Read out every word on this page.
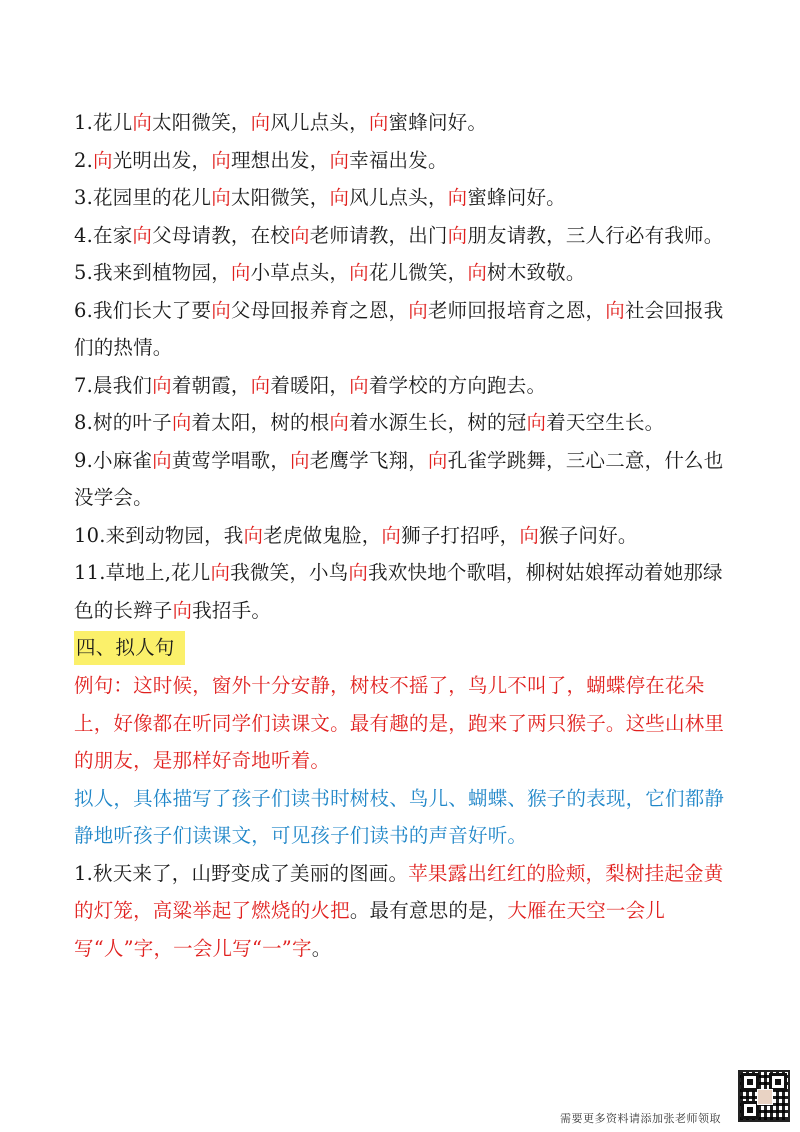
1.花儿向太阳微笑，向风儿点头，向蜜蜂问好。
2.向光明出发，向理想出发，向幸福出发。
3.花园里的花儿向太阳微笑，向风儿点头，向蜜蜂问好。
4.在家向父母请教，在校向老师请教，出门向朋友请教，三人行必有我师。
5.我来到植物园，向小草点头，向花儿微笑，向树木致敬。
6.我们长大了要向父母回报养育之恩，向老师回报培育之恩，向社会回报我们的热情。
7.晨我们向着朝霞，向着暖阳，向着学校的方向跑去。
8.树的叶子向着太阳，树的根向着水源生长，树的冠向着天空生长。
9.小麻雀向黄莺学唱歌，向老鹰学飞翔，向孔雀学跳舞，三心二意，什么也没学会。
10.来到动物园，我向老虎做鬼脸，向狮子打招呼，向猴子问好。
11.草地上,花儿向我微笑，小鸟向我欢快地个歌唱，柳树姑娘挥动着她那绿色的长辫子向我招手。
四、拟人句
例句：这时候，窗外十分安静，树枝不摇了，鸟儿不叫了，蝴蝶停在花朵上，好像都在听同学们读课文。最有趣的是，跑来了两只猴子。这些山林里的朋友，是那样好奇地听着。
拟人，具体描写了孩子们读书时树枝、鸟儿、蝴蝶、猴子的表现，它们都静静地听孩子们读课文，可见孩子们读书的声音好听。
1.秋天来了，山野变成了美丽的图画。苹果露出红红的脸颊，梨树挂起金黄的灯笼，高粱举起了燃烧的火把。最有意思的是，大雁在天空一会儿写“人”字，一会儿写“一”字。
需要更多资料请添加张老师领取
